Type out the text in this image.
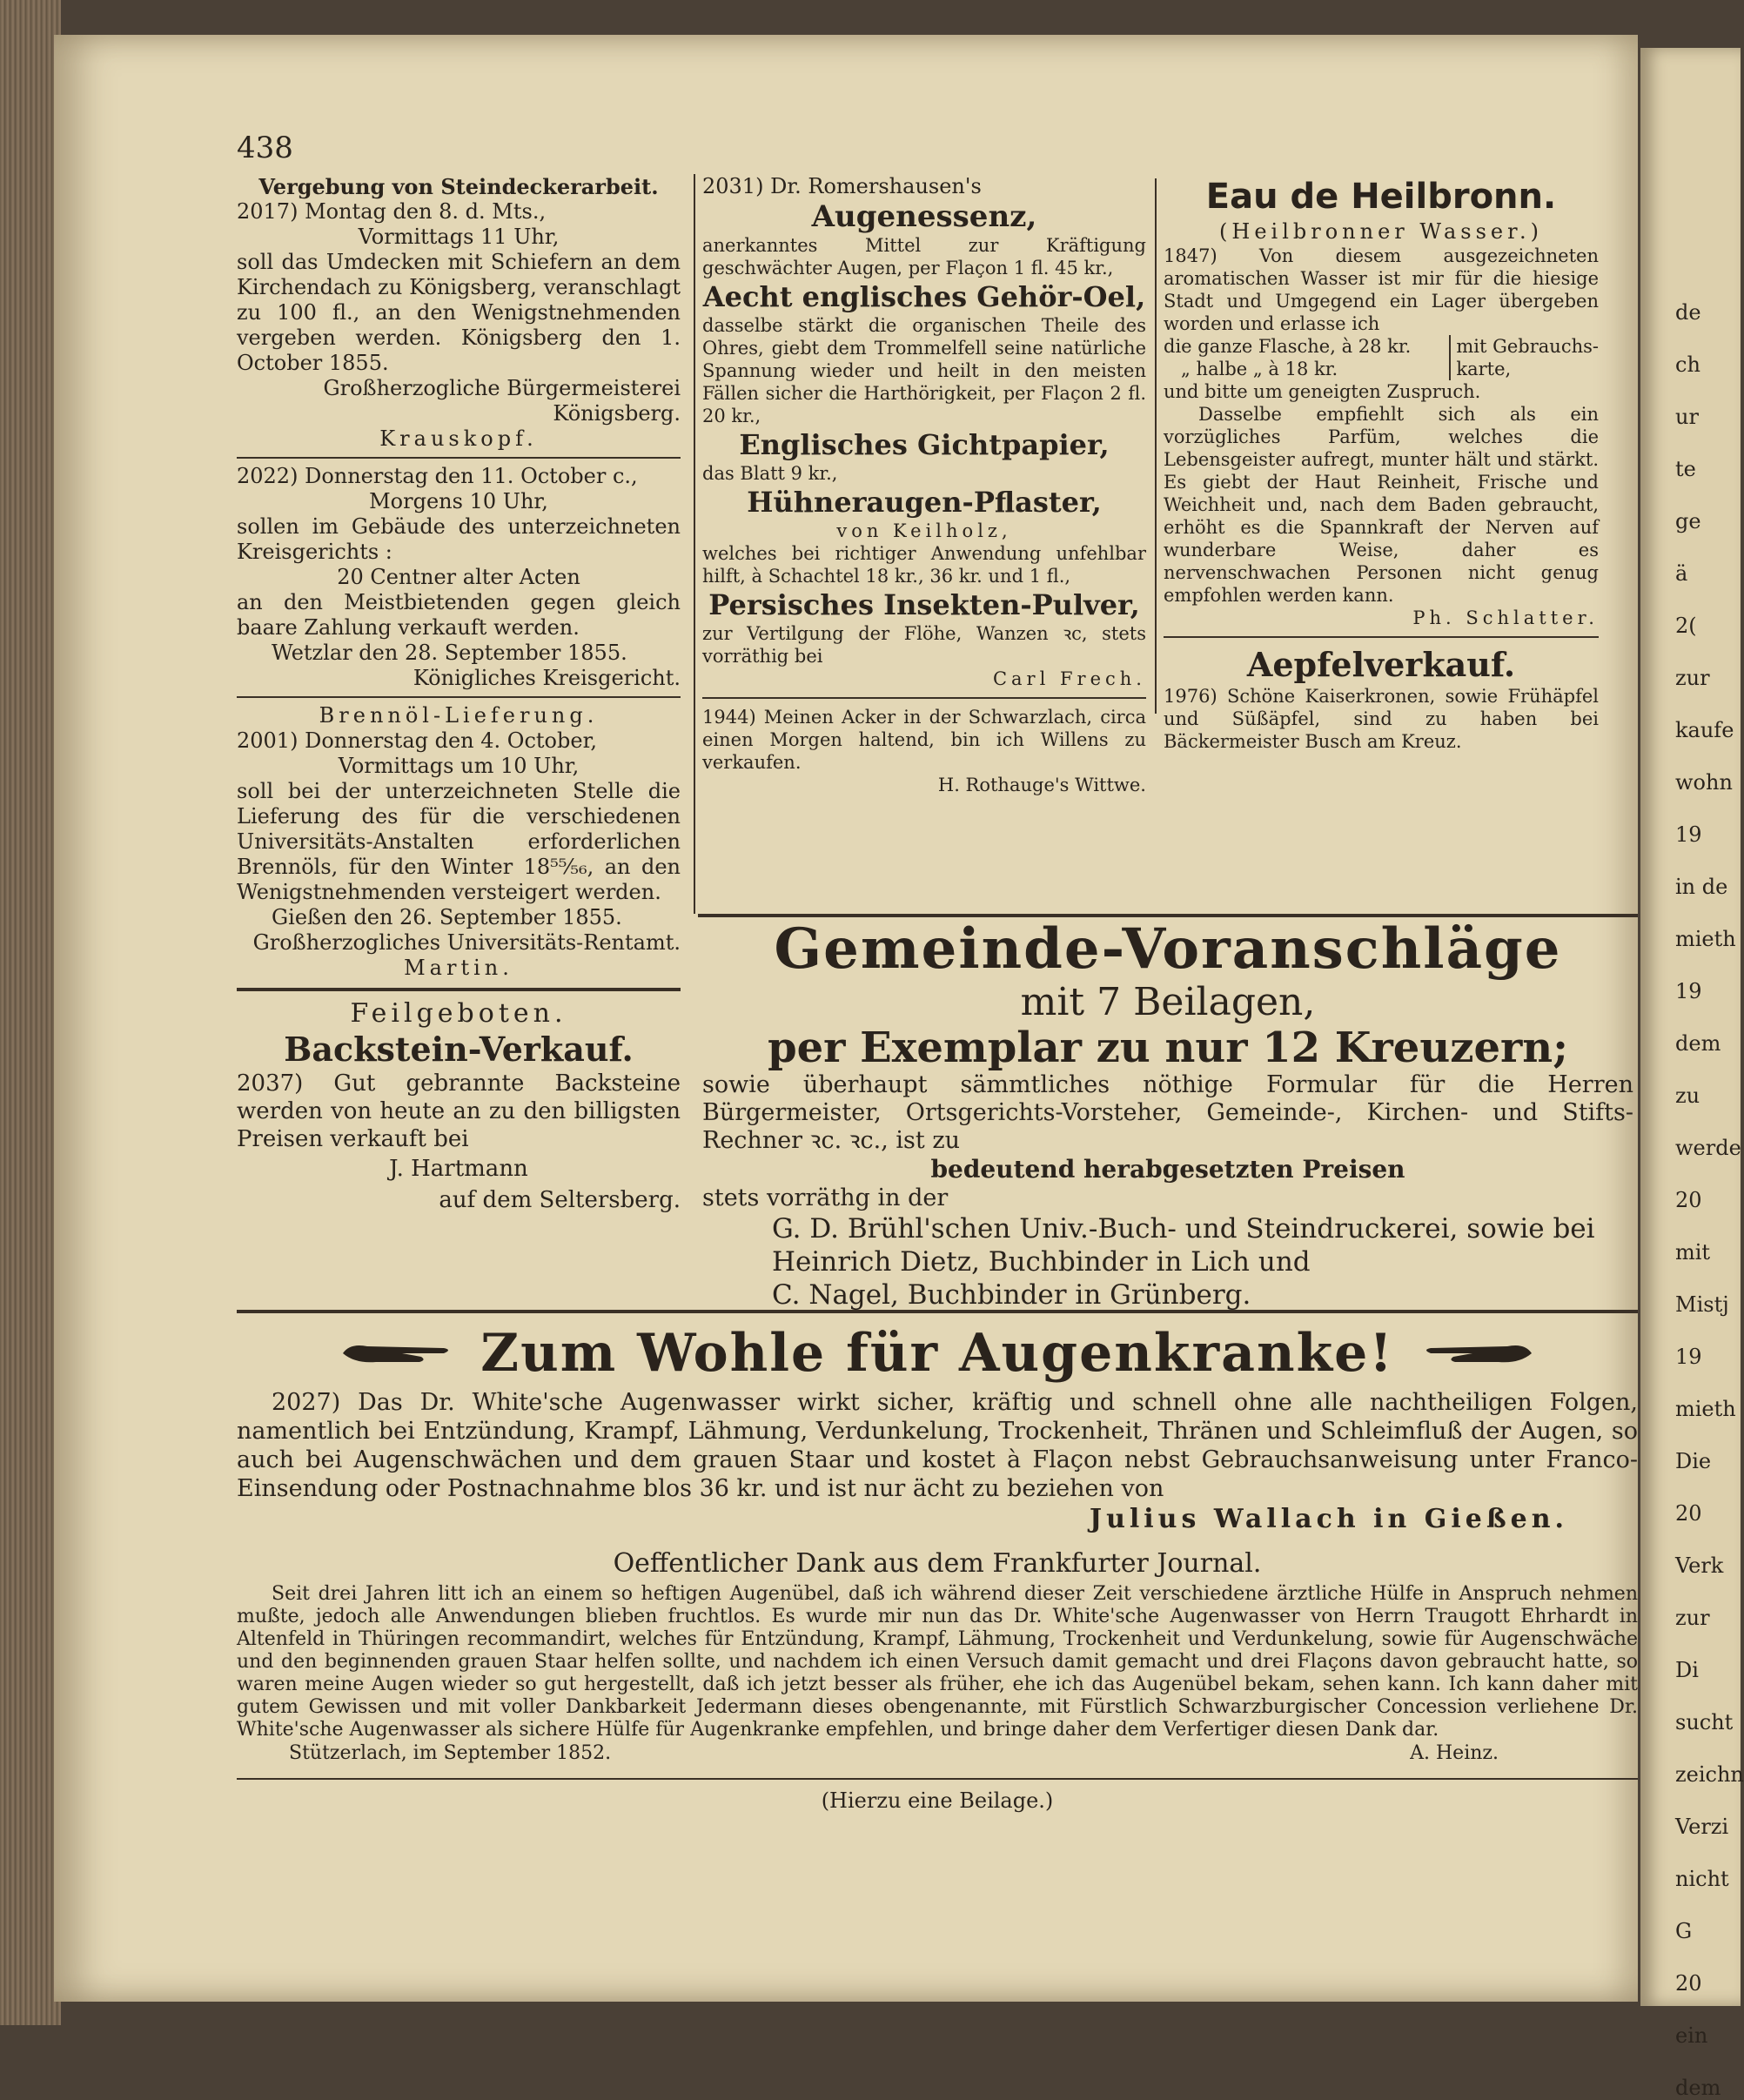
438

Vergebung von Steindeckerarbeit.

2017) Montag den 8. d. Mts.,

Vormittags 11 Uhr,

soll das Umdecken mit Schiefern an dem Kirchendach zu Königsberg, veranschlagt zu 100 fl., an den Wenigstnehmenden vergeben werden. Königsberg den 1. October 1855.

Großherzogliche Bürgermeisterei Königsberg.

Krauskopf.

2022) Donnerstag den 11. October c.,

Morgens 10 Uhr,

sollen im Gebäude des unterzeichneten Kreisgerichts :

20 Centner alter Acten

an den Meistbietenden gegen gleich baare Zahlung verkauft werden.

Wetzlar den 28. September 1855.

Königliches Kreisgericht.

Brennöl-Lieferung.

2001) Donnerstag den 4. October,

Vormittags um 10 Uhr,

soll bei der unterzeichneten Stelle die Lieferung des für die verschiedenen Universitäts-Anstalten erforderlichen Brennöls, für den Winter 18⁵⁵⁄₅₆, an den Wenigstnehmenden versteigert werden.

Gießen den 26. September 1855.

Großherzogliches Universitäts-Rentamt.

Martin.

Feilgeboten.

Backstein-Verkauf.

2037) Gut gebrannte Backsteine werden von heute an zu den billigsten Preisen verkauft bei

J. Hartmann

auf dem Seltersberg.

2031) Dr. Romershausen's

Augenessenz,

anerkanntes Mittel zur Kräftigung geschwächter Augen, per Flaçon 1 fl. 45 kr.,

Aecht englisches Gehör-Oel,

dasselbe stärkt die organischen Theile des Ohres, giebt dem Trommelfell seine natürliche Spannung wieder und heilt in den meisten Fällen sicher die Harthörigkeit, per Flaçon 2 fl. 20 kr.,

Englisches Gichtpapier,

das Blatt 9 kr.,

Hühneraugen-Pflaster,

von Keilholz,

welches bei richtiger Anwendung unfehlbar hilft, à Schachtel 18 kr., 36 kr. und 1 fl.,

Persisches Insekten-Pulver,

zur Vertilgung der Flöhe, Wanzen ꝛc, stets vorräthig bei

Carl Frech.

1944) Meinen Acker in der Schwarzlach, circa einen Morgen haltend, bin ich Willens zu verkaufen.

H. Rothauge's Wittwe.

Eau de Heilbronn.

(Heilbronner Wasser.)

1847) Von diesem ausgezeichneten aromatischen Wasser ist mir für die hiesige Stadt und Umgegend ein Lager übergeben worden und erlasse ich

die ganze Flasche, à 28 kr.

„ halbe „ à 18 kr.

mit Gebrauchs-

karte,

und bitte um geneigten Zuspruch.

Dasselbe empfiehlt sich als ein vorzügliches Parfüm, welches die Lebensgeister aufregt, munter hält und stärkt. Es giebt der Haut Reinheit, Frische und Weichheit und, nach dem Baden gebraucht, erhöht es die Spannkraft der Nerven auf wunderbare Weise, daher es nervenschwachen Personen nicht genug empfohlen werden kann.

Ph. Schlatter.

Aepfelverkauf.

1976) Schöne Kaiserkronen, sowie Frühäpfel und Süßäpfel, sind zu haben bei Bäckermeister Busch am Kreuz.

Gemeinde-Voranschläge

mit 7 Beilagen,

per Exemplar zu nur 12 Kreuzern;

sowie überhaupt sämmtliches nöthige Formular für die Herren Bürgermeister, Ortsgerichts-Vorsteher, Gemeinde-, Kirchen- und Stifts-Rechner ꝛc. ꝛc., ist zu

bedeutend herabgesetzten Preisen

stets vorräthg in der

G. D. Brühl'schen Univ.-Buch- und Steindruckerei, sowie bei

Heinrich Dietz, Buchbinder in Lich und

C. Nagel, Buchbinder in Grünberg.

Zum Wohle für Augenkranke!

2027) Das Dr. White'sche Augenwasser wirkt sicher, kräftig und schnell ohne alle nachtheiligen Folgen, namentlich bei Entzündung, Krampf, Lähmung, Verdunkelung, Trockenheit, Thränen und Schleimfluß der Augen, so auch bei Augenschwächen und dem grauen Staar und kostet à Flaçon nebst Gebrauchsanweisung unter Franco-Einsendung oder Postnachnahme blos 36 kr. und ist nur ächt zu beziehen von

Julius Wallach in Gießen.

Oeffentlicher Dank aus dem Frankfurter Journal.

Seit drei Jahren litt ich an einem so heftigen Augenübel, daß ich während dieser Zeit verschiedene ärztliche Hülfe in Anspruch nehmen mußte, jedoch alle Anwendungen blieben fruchtlos. Es wurde mir nun das Dr. White'sche Augenwasser von Herrn Traugott Ehrhardt in Altenfeld in Thüringen recommandirt, welches für Entzündung, Krampf, Lähmung, Trockenheit und Verdunkelung, sowie für Augenschwäche und den beginnenden grauen Staar helfen sollte, und nachdem ich einen Versuch damit gemacht und drei Flaçons davon gebraucht hatte, so waren meine Augen wieder so gut hergestellt, daß ich jetzt besser als früher, ehe ich das Augenübel bekam, sehen kann. Ich kann daher mit gutem Gewissen und mit voller Dankbarkeit Jedermann dieses obengenannte, mit Fürstlich Schwarzburgischer Concession verliehene Dr. White'sche Augenwasser als sichere Hülfe für Augenkranke empfehlen, und bringe daher dem Verfertiger diesen Dank dar.

Stützerlach, im September 1852.	A. Heinz.

(Hierzu eine Beilage.)

de
ch
ur
te
ge
ä
2(
zur
kaufe
wohn
19
in de
mieth
19
dem
zu
werde
20
mit
Mistj
19
mieth
Die
20
Verk
zur
Di
sucht
zeichn
Verzi
nicht
G
20
ein
dem
